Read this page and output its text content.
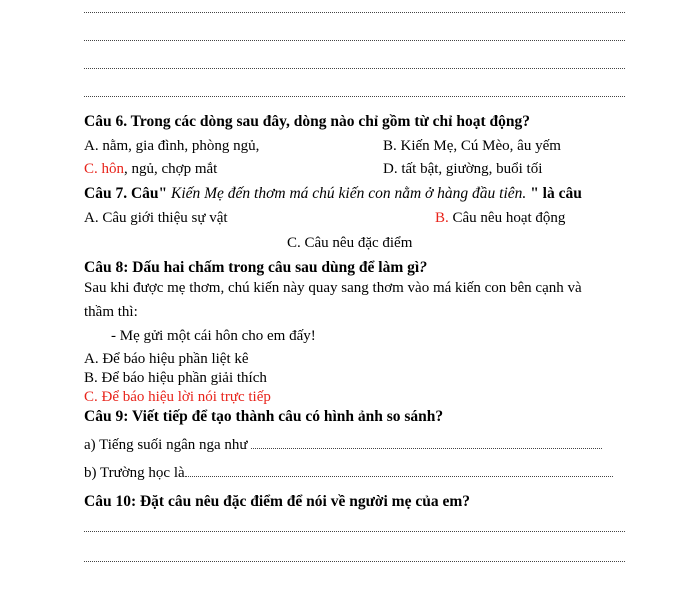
Câu 6. Trong các dòng sau đây, dòng nào chỉ gồm từ chỉ hoạt động?
A. nằm, gia đình, phòng ngủ,	B. Kiến Mẹ, Cú Mèo, âu yếm
C. hôn, ngủ, chợp mắt	D. tất bật, giường, buổi tối
Câu 7. Câu" Kiến Mẹ đến thơm má chú kiến con nằm ở hàng đầu tiên. " là câu
A. Câu giới thiệu sự vật	B. Câu nêu hoạt động
C. Câu nêu đặc điểm
Câu 8: Dấu hai chấm trong câu sau dùng để làm gì?
Sau khi được mẹ thơm, chú kiến này quay sang thơm vào má kiến con bên cạnh và
thầm thì:
- Mẹ gửi một cái hôn cho em đấy!
A. Để báo hiệu phần liệt kê
B. Để báo hiệu phần giải thích
C. Để báo hiệu lời nói trực tiếp
Câu 9: Viết tiếp để tạo thành câu có hình ảnh so sánh?
a) Tiếng suối ngân nga như
b) Trường học là
Câu 10: Đặt câu nêu đặc điểm để nói về người mẹ của em?
